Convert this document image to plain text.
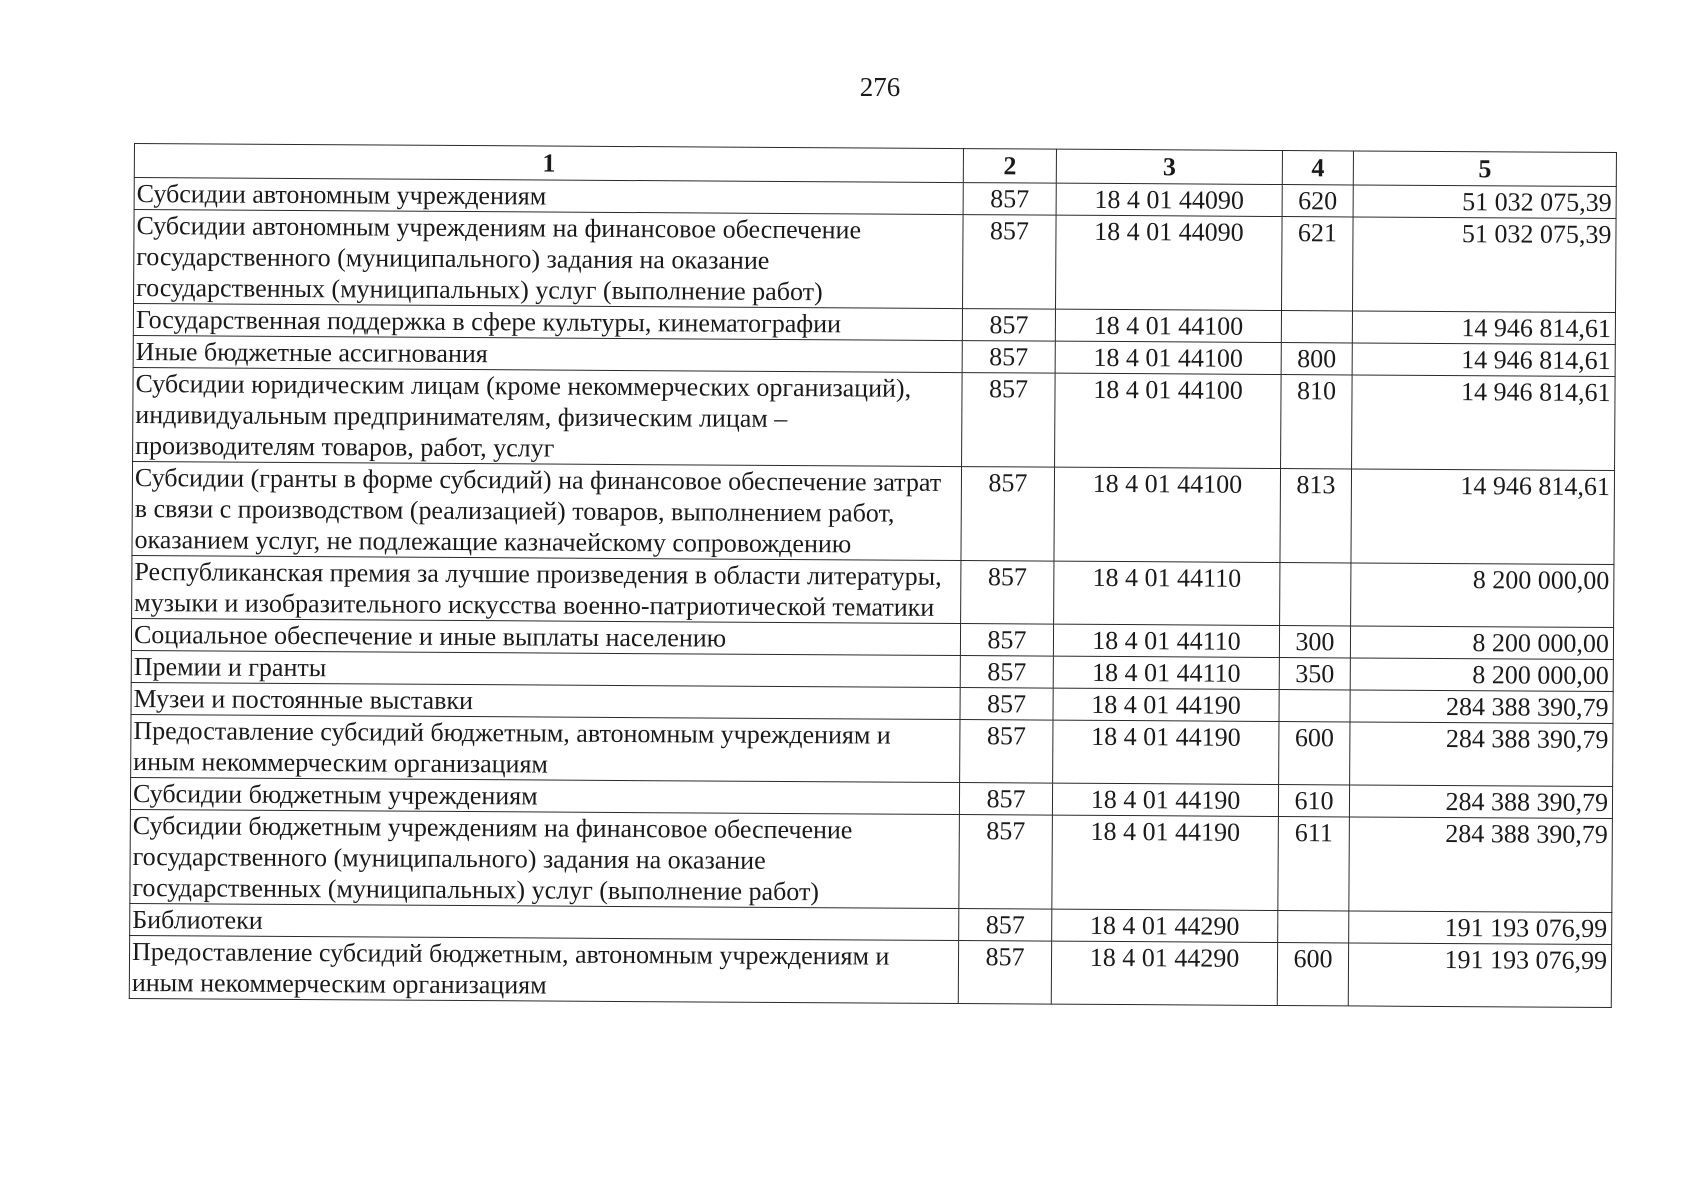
276
1	2	3	4	5
Субсидии автономным учреждениям	857	18 4 01 44090	620	51 032 075,39
Субсидии автономным учреждениям на финансовое обеспечение государственного (муниципального) задания на оказание государственных (муниципальных) услуг (выполнение работ)	857	18 4 01 44090	621	51 032 075,39
Государственная поддержка в сфере культуры, кинематографии	857	18 4 01 44100		14 946 814,61
Иные бюджетные ассигнования	857	18 4 01 44100	800	14 946 814,61
Субсидии юридическим лицам (кроме некоммерческих организаций), индивидуальным предпринимателям, физическим лицам – производителям товаров, работ, услуг	857	18 4 01 44100	810	14 946 814,61
Субсидии (гранты в форме субсидий) на финансовое обеспечение затрат в связи с производством (реализацией) товаров, выполнением работ, оказанием услуг, не подлежащие казначейскому сопровождению	857	18 4 01 44100	813	14 946 814,61
Республиканская премия за лучшие произведения в области литературы, музыки и изобразительного искусства военно-патриотической тематики	857	18 4 01 44110		8 200 000,00
Социальное обеспечение и иные выплаты населению	857	18 4 01 44110	300	8 200 000,00
Премии и гранты	857	18 4 01 44110	350	8 200 000,00
Музеи и постоянные выставки	857	18 4 01 44190		284 388 390,79
Предоставление субсидий бюджетным, автономным учреждениям и иным некоммерческим организациям	857	18 4 01 44190	600	284 388 390,79
Субсидии бюджетным учреждениям	857	18 4 01 44190	610	284 388 390,79
Субсидии бюджетным учреждениям на финансовое обеспечение государственного (муниципального) задания на оказание государственных (муниципальных) услуг (выполнение работ)	857	18 4 01 44190	611	284 388 390,79
Библиотеки	857	18 4 01 44290		191 193 076,99
Предоставление субсидий бюджетным, автономным учреждениям и иным некоммерческим организациям	857	18 4 01 44290	600	191 193 076,99
